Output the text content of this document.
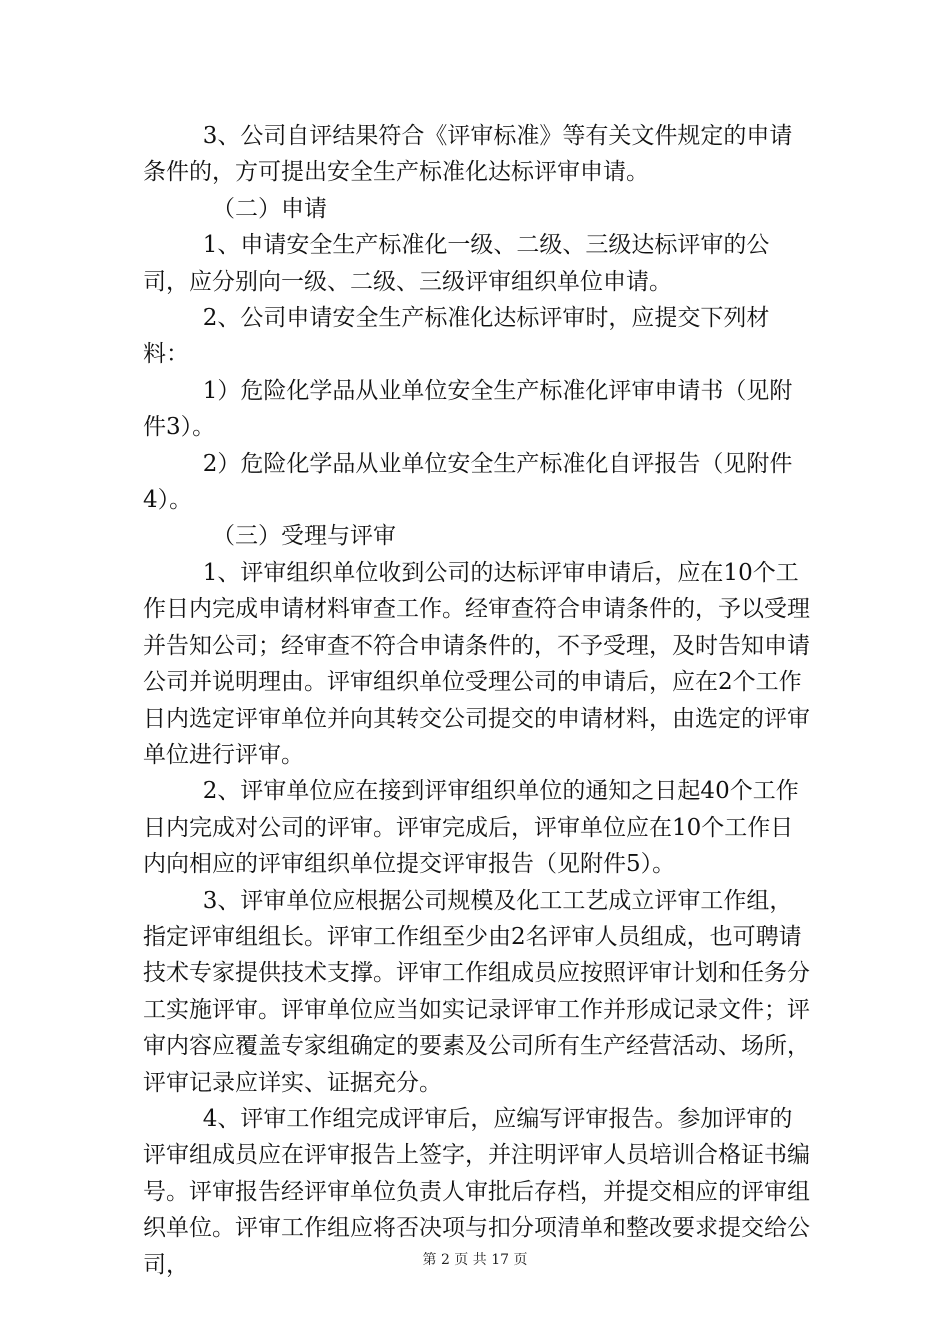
3、公司自评结果符合《评审标准》等有关文件规定的申请条件的，方可提出安全生产标准化达标评审申请。

（二）申请

1、申请安全生产标准化一级、二级、三级达标评审的公司，应分别向一级、二级、三级评审组织单位申请。

2、公司申请安全生产标准化达标评审时，应提交下列材料：

1）危险化学品从业单位安全生产标准化评审申请书（见附件3）。

2）危险化学品从业单位安全生产标准化自评报告（见附件4）。

（三）受理与评审

1、评审组织单位收到公司的达标评审申请后，应在10个工作日内完成申请材料审查工作。经审查符合申请条件的，予以受理并告知公司；经审查不符合申请条件的，不予受理，及时告知申请公司并说明理由。评审组织单位受理公司的申请后，应在2个工作日内选定评审单位并向其转交公司提交的申请材料，由选定的评审单位进行评审。

2、评审单位应在接到评审组织单位的通知之日起40个工作日内完成对公司的评审。评审完成后，评审单位应在10个工作日内向相应的评审组织单位提交评审报告（见附件5）。

3、评审单位应根据公司规模及化工工艺成立评审工作组，指定评审组组长。评审工作组至少由2名评审人员组成，也可聘请技术专家提供技术支撑。评审工作组成员应按照评审计划和任务分工实施评审。评审单位应当如实记录评审工作并形成记录文件；评审内容应覆盖专家组确定的要素及公司所有生产经营活动、场所，评审记录应详实、证据充分。

4、评审工作组完成评审后，应编写评审报告。参加评审的评审组成员应在评审报告上签字，并注明评审人员培训合格证书编号。评审报告经评审单位负责人审批后存档，并提交相应的评审组织单位。评审工作组应将否决项与扣分项清单和整改要求提交给公司，	第 2 页 共 17 页
